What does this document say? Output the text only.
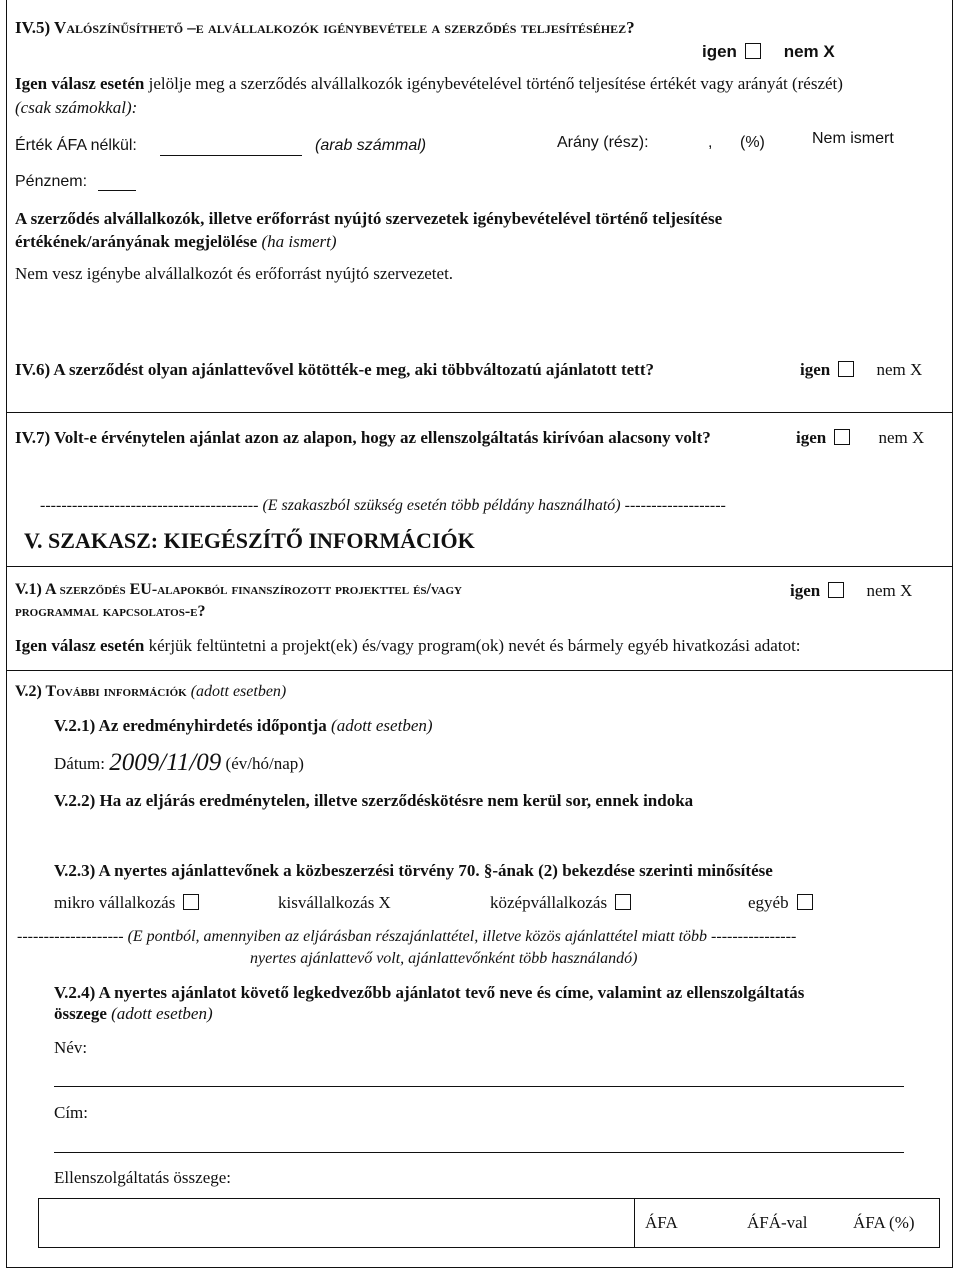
IV.5) Valószínűsíthető –e alvállalkozók igénybevétele a szerződés teljesítéséhez?
igen	nem X
Igen válasz esetén jelölje meg a szerződés alvállalkozók igénybevételével történő teljesítése értékét vagy arányát (részét)
(csak számokkal):
Érték ÁFA nélkül:	(arab számmal)	Arány (rész):	, (%)	Nem ismert
Pénznem:
A szerződés alvállalkozók, illetve erőforrást nyújtó szervezetek igénybevételével történő teljesítése
értékének/arányának megjelölése (ha ismert)
Nem vesz igénybe alvállalkozót és erőforrást nyújtó szervezetet.
IV.6) A szerződést olyan ajánlattevővel kötötték-e meg, aki többváltozatú ajánlatott tett?	igen	nem X
IV.7) Volt-e érvénytelen ajánlat azon az alapon, hogy az ellenszolgáltatás kirívóan alacsony volt?	igen	nem X
----------------------------------------- (E szakaszból szükség esetén több példány használható) -------------------
V. SZAKASZ: KIEGÉSZÍTŐ INFORMÁCIÓK
V.1) A szerződés EU-alapokból finanszírozott projekttel és/vagy
programmal kapcsolatos-e?
igen	nem X
Igen válasz esetén kérjük feltüntetni a projekt(ek) és/vagy program(ok) nevét és bármely egyéb hivatkozási adatot:
V.2) További információk (adott esetben)
V.2.1) Az eredményhirdetés időpontja (adott esetben)
Dátum: 2009/11/09 (év/hó/nap)
V.2.2) Ha az eljárás eredménytelen, illetve szerződéskötésre nem kerül sor, ennek indoka
V.2.3) A nyertes ajánlattevőnek a közbeszerzési törvény 70. §-ának (2) bekezdése szerinti minősítése
mikro vállalkozás	kisvállalkozás X	középvállalkozás	egyéb
-------------------- (E pontból, amennyiben az eljárásban részajánlattétel, illetve közös ajánlattétel miatt több ----------------
nyertes ajánlattevő volt, ajánlattevőnként több használandó)
V.2.4) A nyertes ajánlatot követő legkedvezőbb ajánlatot tevő neve és címe, valamint az ellenszolgáltatás
összege (adott esetben)
Név:
Cím:
Ellenszolgáltatás összege:
ÁFA	ÁFÁ-val	ÁFA (%)
